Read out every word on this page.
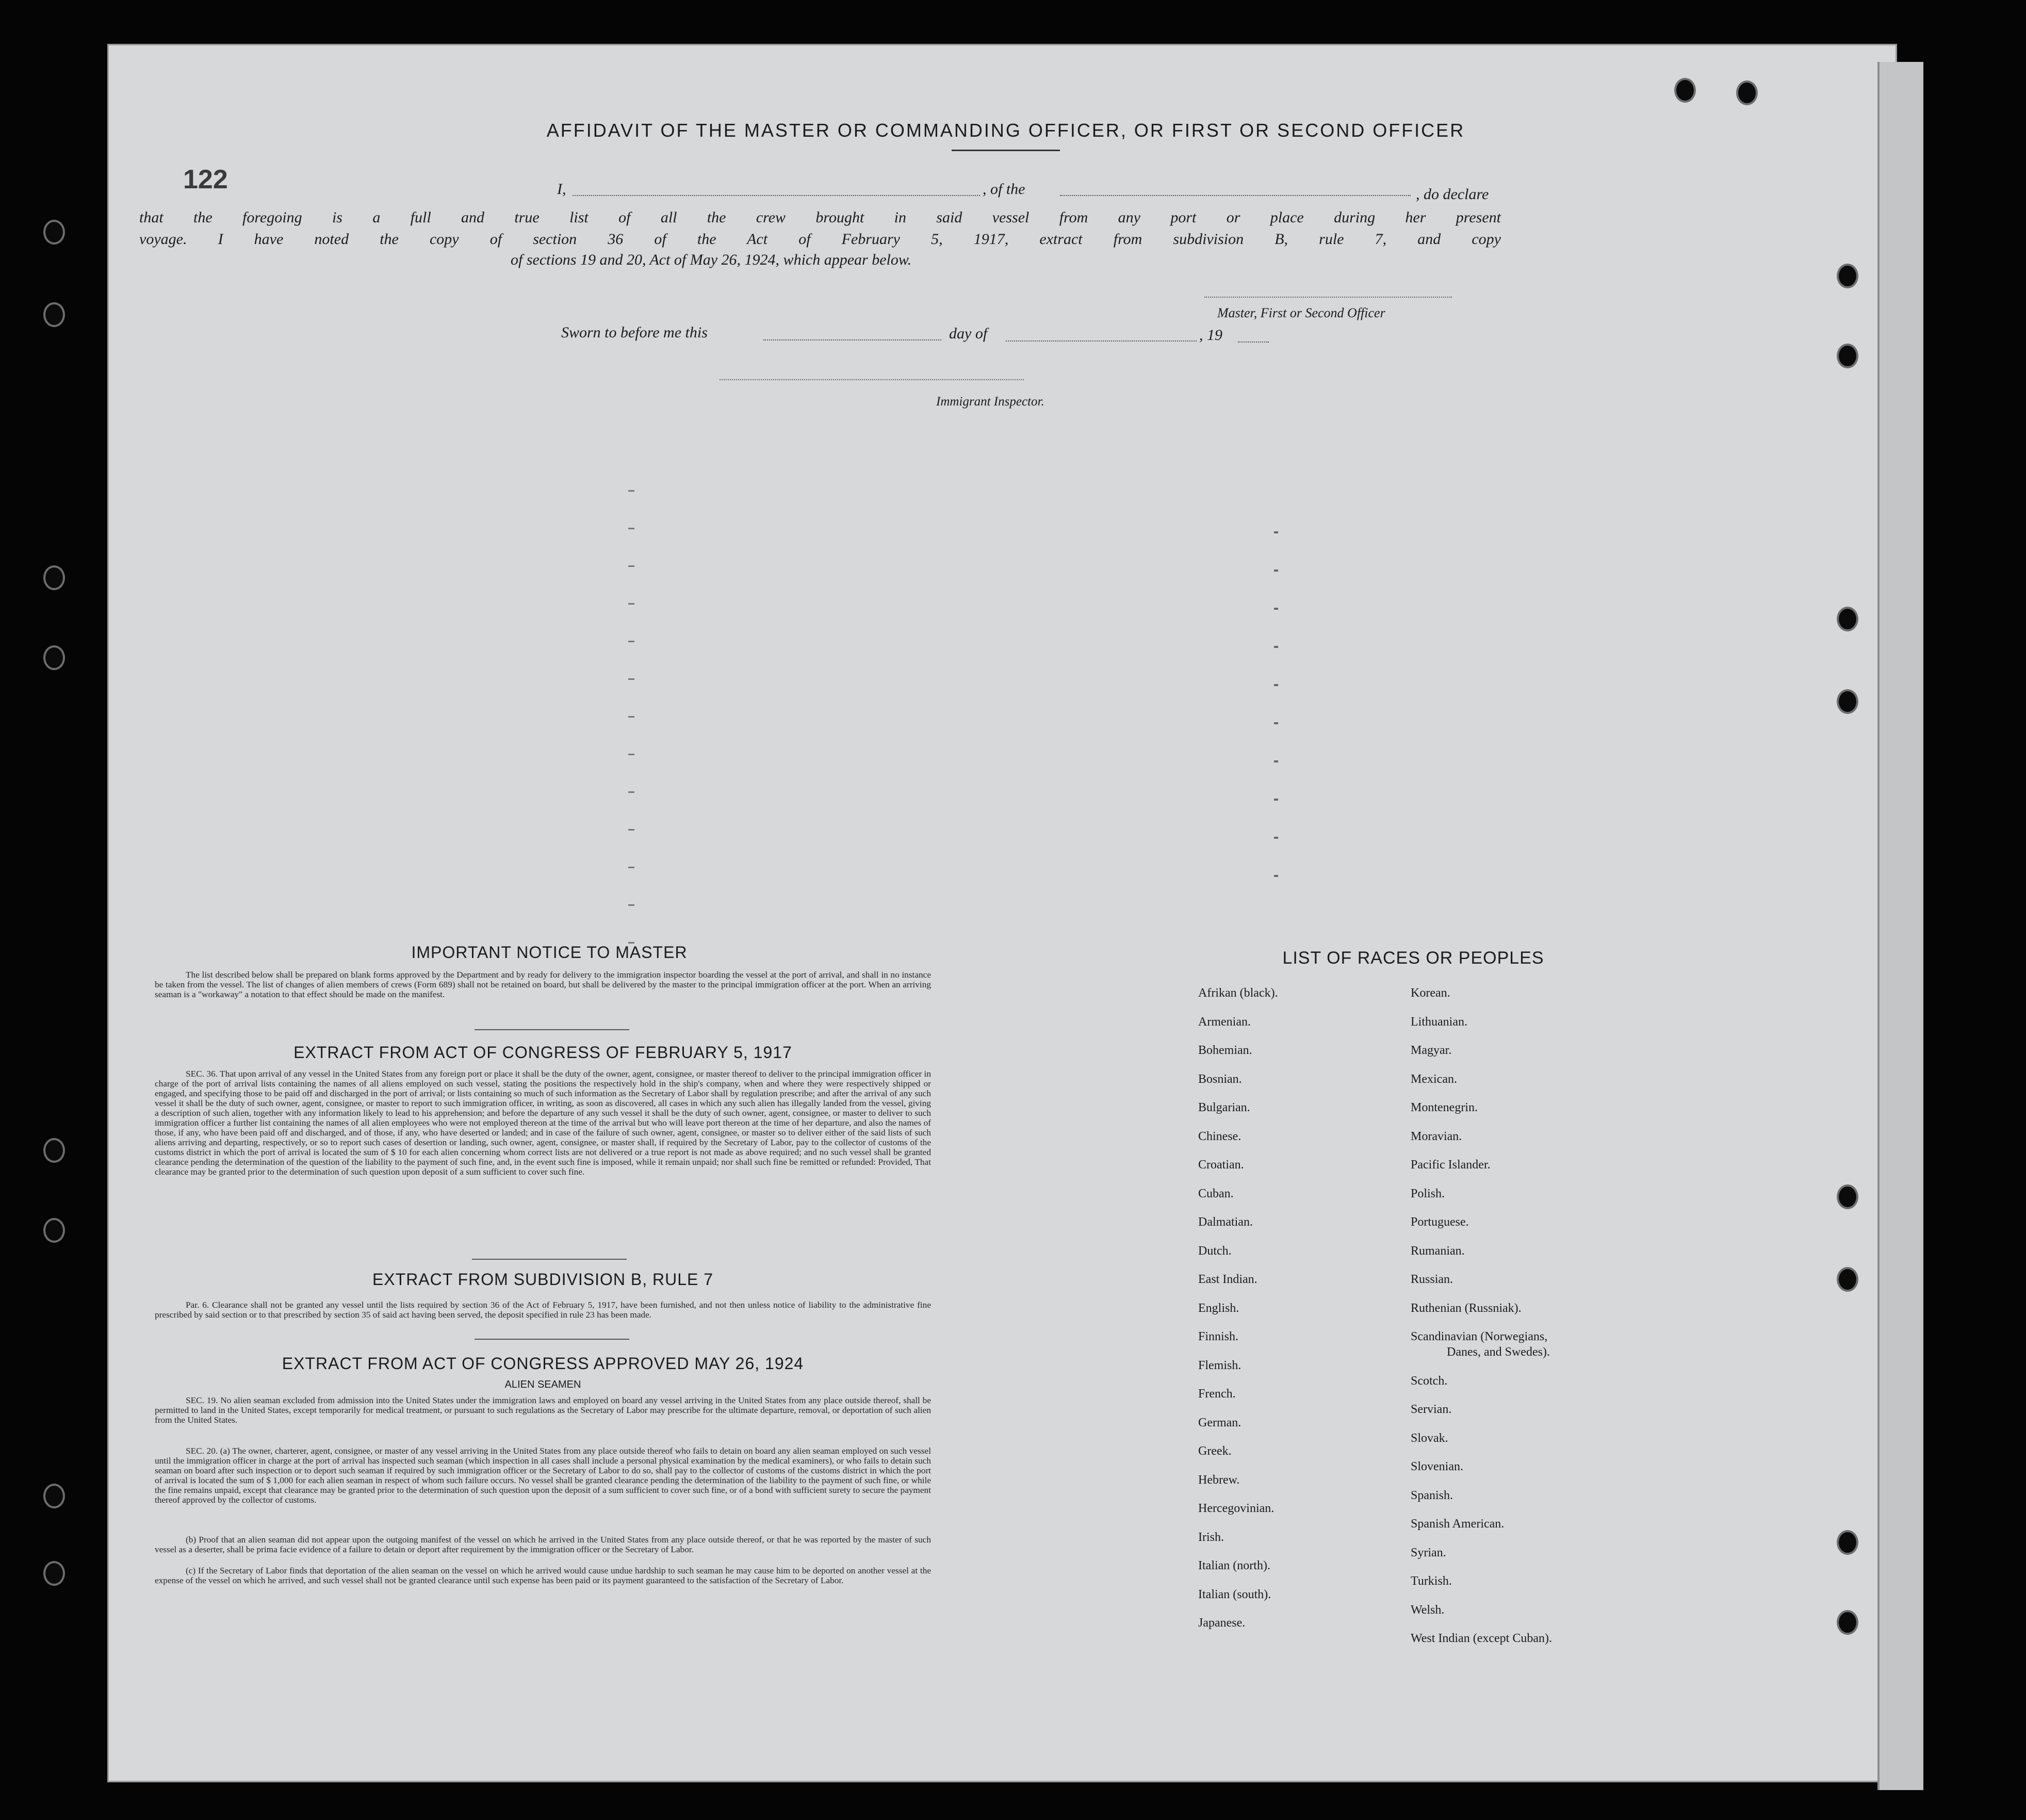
122
AFFIDAVIT OF THE MASTER OR COMMANDING OFFICER, OR FIRST OR SECOND OFFICER
I,	, of the	, do declare
that the foregoing is a full and true list of all the crew brought in said vessel from any port or place during her present
voyage. I have noted the copy of section 36 of the Act of February 5, 1917, extract from subdivision B, rule 7, and copy
of sections 19 and 20, Act of May 26, 1924, which appear below.
Master, First or Second Officer
Sworn to before me this	day of	, 19
Immigrant Inspector.
IMPORTANT NOTICE TO MASTER
The list described below shall be prepared on blank forms approved by the Department and by ready for delivery to the immigration inspector boarding the vessel at the port of arrival, and shall in no instance be taken from the vessel. The list of changes of alien members of crews (Form 689) shall not be retained on board, but shall be delivered by the master to the principal immigration officer at the port. When an arriving seaman is a "workaway" a notation to that effect should be made on the manifest.
EXTRACT FROM ACT OF CONGRESS OF FEBRUARY 5, 1917
SEC. 36. That upon arrival of any vessel in the United States from any foreign port or place it shall be the duty of the owner, agent, consignee, or master thereof to deliver to the principal immigration officer in charge of the port of arrival lists containing the names of all aliens employed on such vessel, stating the positions the respectively hold in the ship's company, when and where they were respectively shipped or engaged, and specifying those to be paid off and discharged in the port of arrival; or lists containing so much of such information as the Secretary of Labor shall by regulation prescribe; and after the arrival of any such vessel it shall be the duty of such owner, agent, consignee, or master to report to such immigration officer, in writing, as soon as discovered, all cases in which any such alien has illegally landed from the vessel, giving a description of such alien, together with any information likely to lead to his apprehension; and before the departure of any such vessel it shall be the duty of such owner, agent, consignee, or master to deliver to such immigration officer a further list containing the names of all alien employees who were not employed thereon at the time of the arrival but who will leave port thereon at the time of her departure, and also the names of those, if any, who have been paid off and discharged, and of those, if any, who have deserted or landed; and in case of the failure of such owner, agent, consignee, or master so to deliver either of the said lists of such aliens arriving and departing, respectively, or so to report such cases of desertion or landing, such owner, agent, consignee, or master shall, if required by the Secretary of Labor, pay to the collector of customs of the customs district in which the port of arrival is located the sum of $ 10 for each alien concerning whom correct lists are not delivered or a true report is not made as above required; and no such vessel shall be granted clearance pending the determination of the question of the liability to the payment of such fine, and, in the event such fine is imposed, while it remain unpaid; nor shall such fine be remitted or refunded: Provided, That clearance may be granted prior to the determination of such question upon deposit of a sum sufficient to cover such fine.
EXTRACT FROM SUBDIVISION B, RULE 7
Par. 6. Clearance shall not be granted any vessel until the lists required by section 36 of the Act of February 5, 1917, have been furnished, and not then unless notice of liability to the administrative fine prescribed by said section or to that prescribed by section 35 of said act having been served, the deposit specified in rule 23 has been made.
EXTRACT FROM ACT OF CONGRESS APPROVED MAY 26, 1924
ALIEN SEAMEN
SEC. 19. No alien seaman excluded from admission into the United States under the immigration laws and employed on board any vessel arriving in the United States from any place outside thereof, shall be permitted to land in the United States, except temporarily for medical treatment, or pursuant to such regulations as the Secretary of Labor may prescribe for the ultimate departure, removal, or deportation of such alien from the United States.
SEC. 20. (a) The owner, charterer, agent, consignee, or master of any vessel arriving in the United States from any place outside thereof who fails to detain on board any alien seaman employed on such vessel until the immigration officer in charge at the port of arrival has inspected such seaman (which inspection in all cases shall include a personal physical examination by the medical examiners), or who fails to detain such seaman on board after such inspection or to deport such seaman if required by such immigration officer or the Secretary of Labor to do so, shall pay to the collector of customs of the customs district in which the port of arrival is located the sum of $ 1,000 for each alien seaman in respect of whom such failure occurs. No vessel shall be granted clearance pending the determination of the liability to the payment of such fine, or while the fine remains unpaid, except that clearance may be granted prior to the determination of such question upon the deposit of a sum sufficient to cover such fine, or of a bond with sufficient surety to secure the payment thereof approved by the collector of customs.
(b) Proof that an alien seaman did not appear upon the outgoing manifest of the vessel on which he arrived in the United States from any place outside thereof, or that he was reported by the master of such vessel as a deserter, shall be prima facie evidence of a failure to detain or deport after requirement by the immigration officer or the Secretary of Labor.
(c) If the Secretary of Labor finds that deportation of the alien seaman on the vessel on which he arrived would cause undue hardship to such seaman he may cause him to be deported on another vessel at the expense of the vessel on which he arrived, and such vessel shall not be granted clearance until such expense has been paid or its payment guaranteed to the satisfaction of the Secretary of Labor.
LIST OF RACES OR PEOPLES
Afrikan (black).
Armenian.
Bohemian.
Bosnian.
Bulgarian.
Chinese.
Croatian.
Cuban.
Dalmatian.
Dutch.
East Indian.
English.
Finnish.
Flemish.
French.
German.
Greek.
Hebrew.
Hercegovinian.
Irish.
Italian (north).
Italian (south).
Japanese.
Korean.
Lithuanian.
Magyar.
Mexican.
Montenegrin.
Moravian.
Pacific Islander.
Polish.
Portuguese.
Rumanian.
Russian.
Ruthenian (Russniak).
Scandinavian (Norwegians,
Danes, and Swedes).
Scotch.
Servian.
Slovak.
Slovenian.
Spanish.
Spanish American.
Syrian.
Turkish.
Welsh.
West Indian (except Cuban).
